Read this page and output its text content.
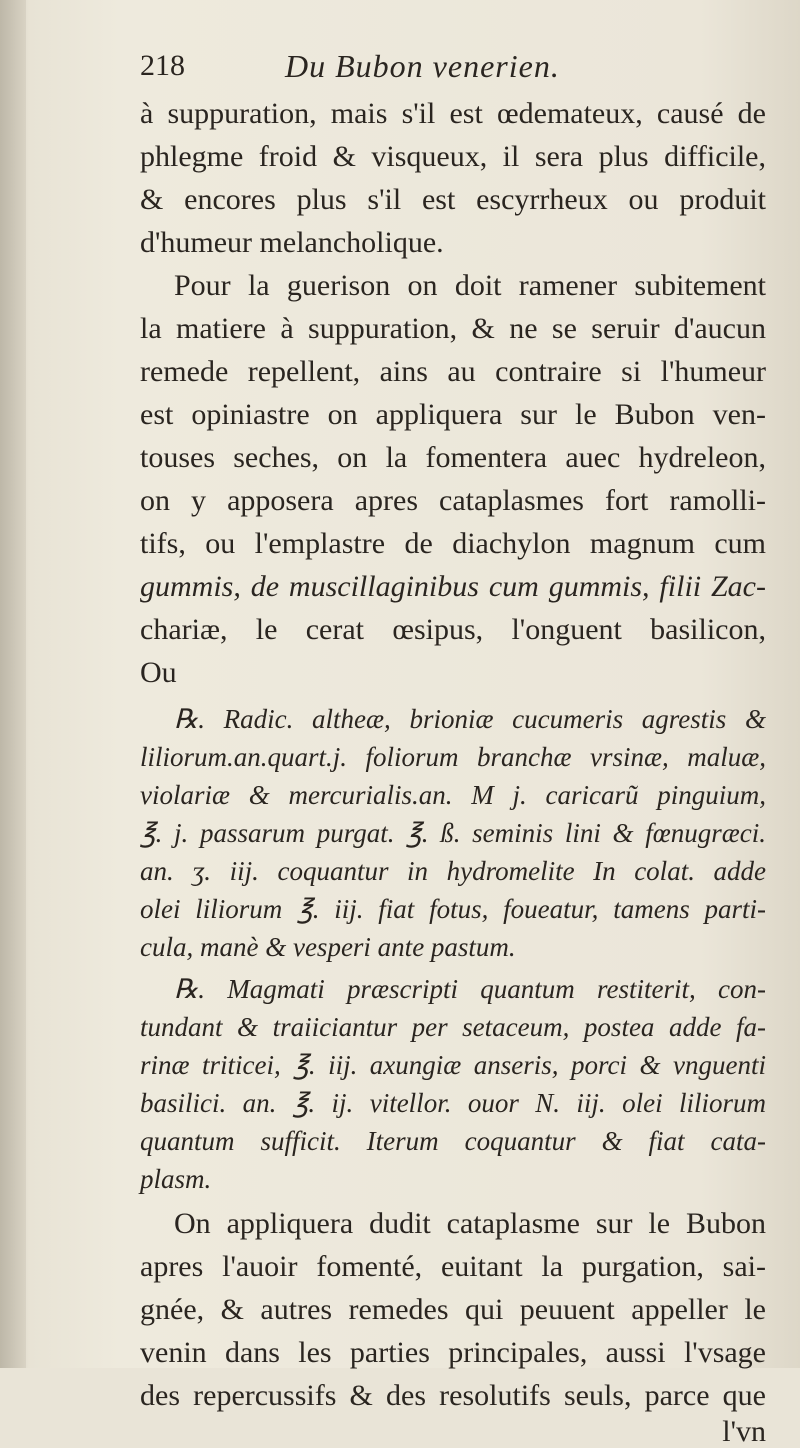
218	Du Bubon venerien.
à suppuration, mais s'il est œdemateux, causé de
phlegme froid & visqueux, il sera plus difficile,
& encores plus s'il est escyrrheux ou produit
d'humeur melancholique.
Pour la guerison on doit ramener subitement
la matiere à suppuration, & ne se seruir d'aucun
remede repellent, ains au contraire si l'humeur
est opiniastre on appliquera sur le Bubon ven-
touses seches, on la fomentera auec hydreleon,
on y apposera apres cataplasmes fort ramolli-
tifs, ou l'emplastre de diachylon magnum cum
gummis, de muscillaginibus cum gummis, filii Zac-
chariæ, le cerat œsipus, l'onguent basilicon,
Ou
℞. Radic. altheæ, brioniæ cucumeris agrestis &
liliorum.an.quart.j. foliorum branchæ vrsinæ, maluæ,
violariæ & mercurialis.an. M j. caricarũ pinguium,
℥. j. passarum purgat. ℥. ß. seminis lini & fœnugræci.
an. ʒ. iij. coquantur in hydromelite In colat. adde
olei liliorum ℥. iij. fiat fotus, foueatur, tamens parti-
cula, manè & vesperi ante pastum.
℞. Magmati præscripti quantum restiterit, con-
tundant & traiiciantur per setaceum, postea adde fa-
rinæ triticei, ℥. iij. axungiæ anseris, porci & vnguenti
basilici. an. ℥. ij. vitellor. ouor N. iij. olei liliorum
quantum sufficit. Iterum coquantur & fiat cata-
plasm.
On appliquera dudit cataplasme sur le Bubon
apres l'auoir fomenté, euitant la purgation, sai-
gnée, & autres remedes qui peuuent appeller le
venin dans les parties principales, aussi l'vsage
des repercussifs & des resolutifs seuls, parce que
l'vn
